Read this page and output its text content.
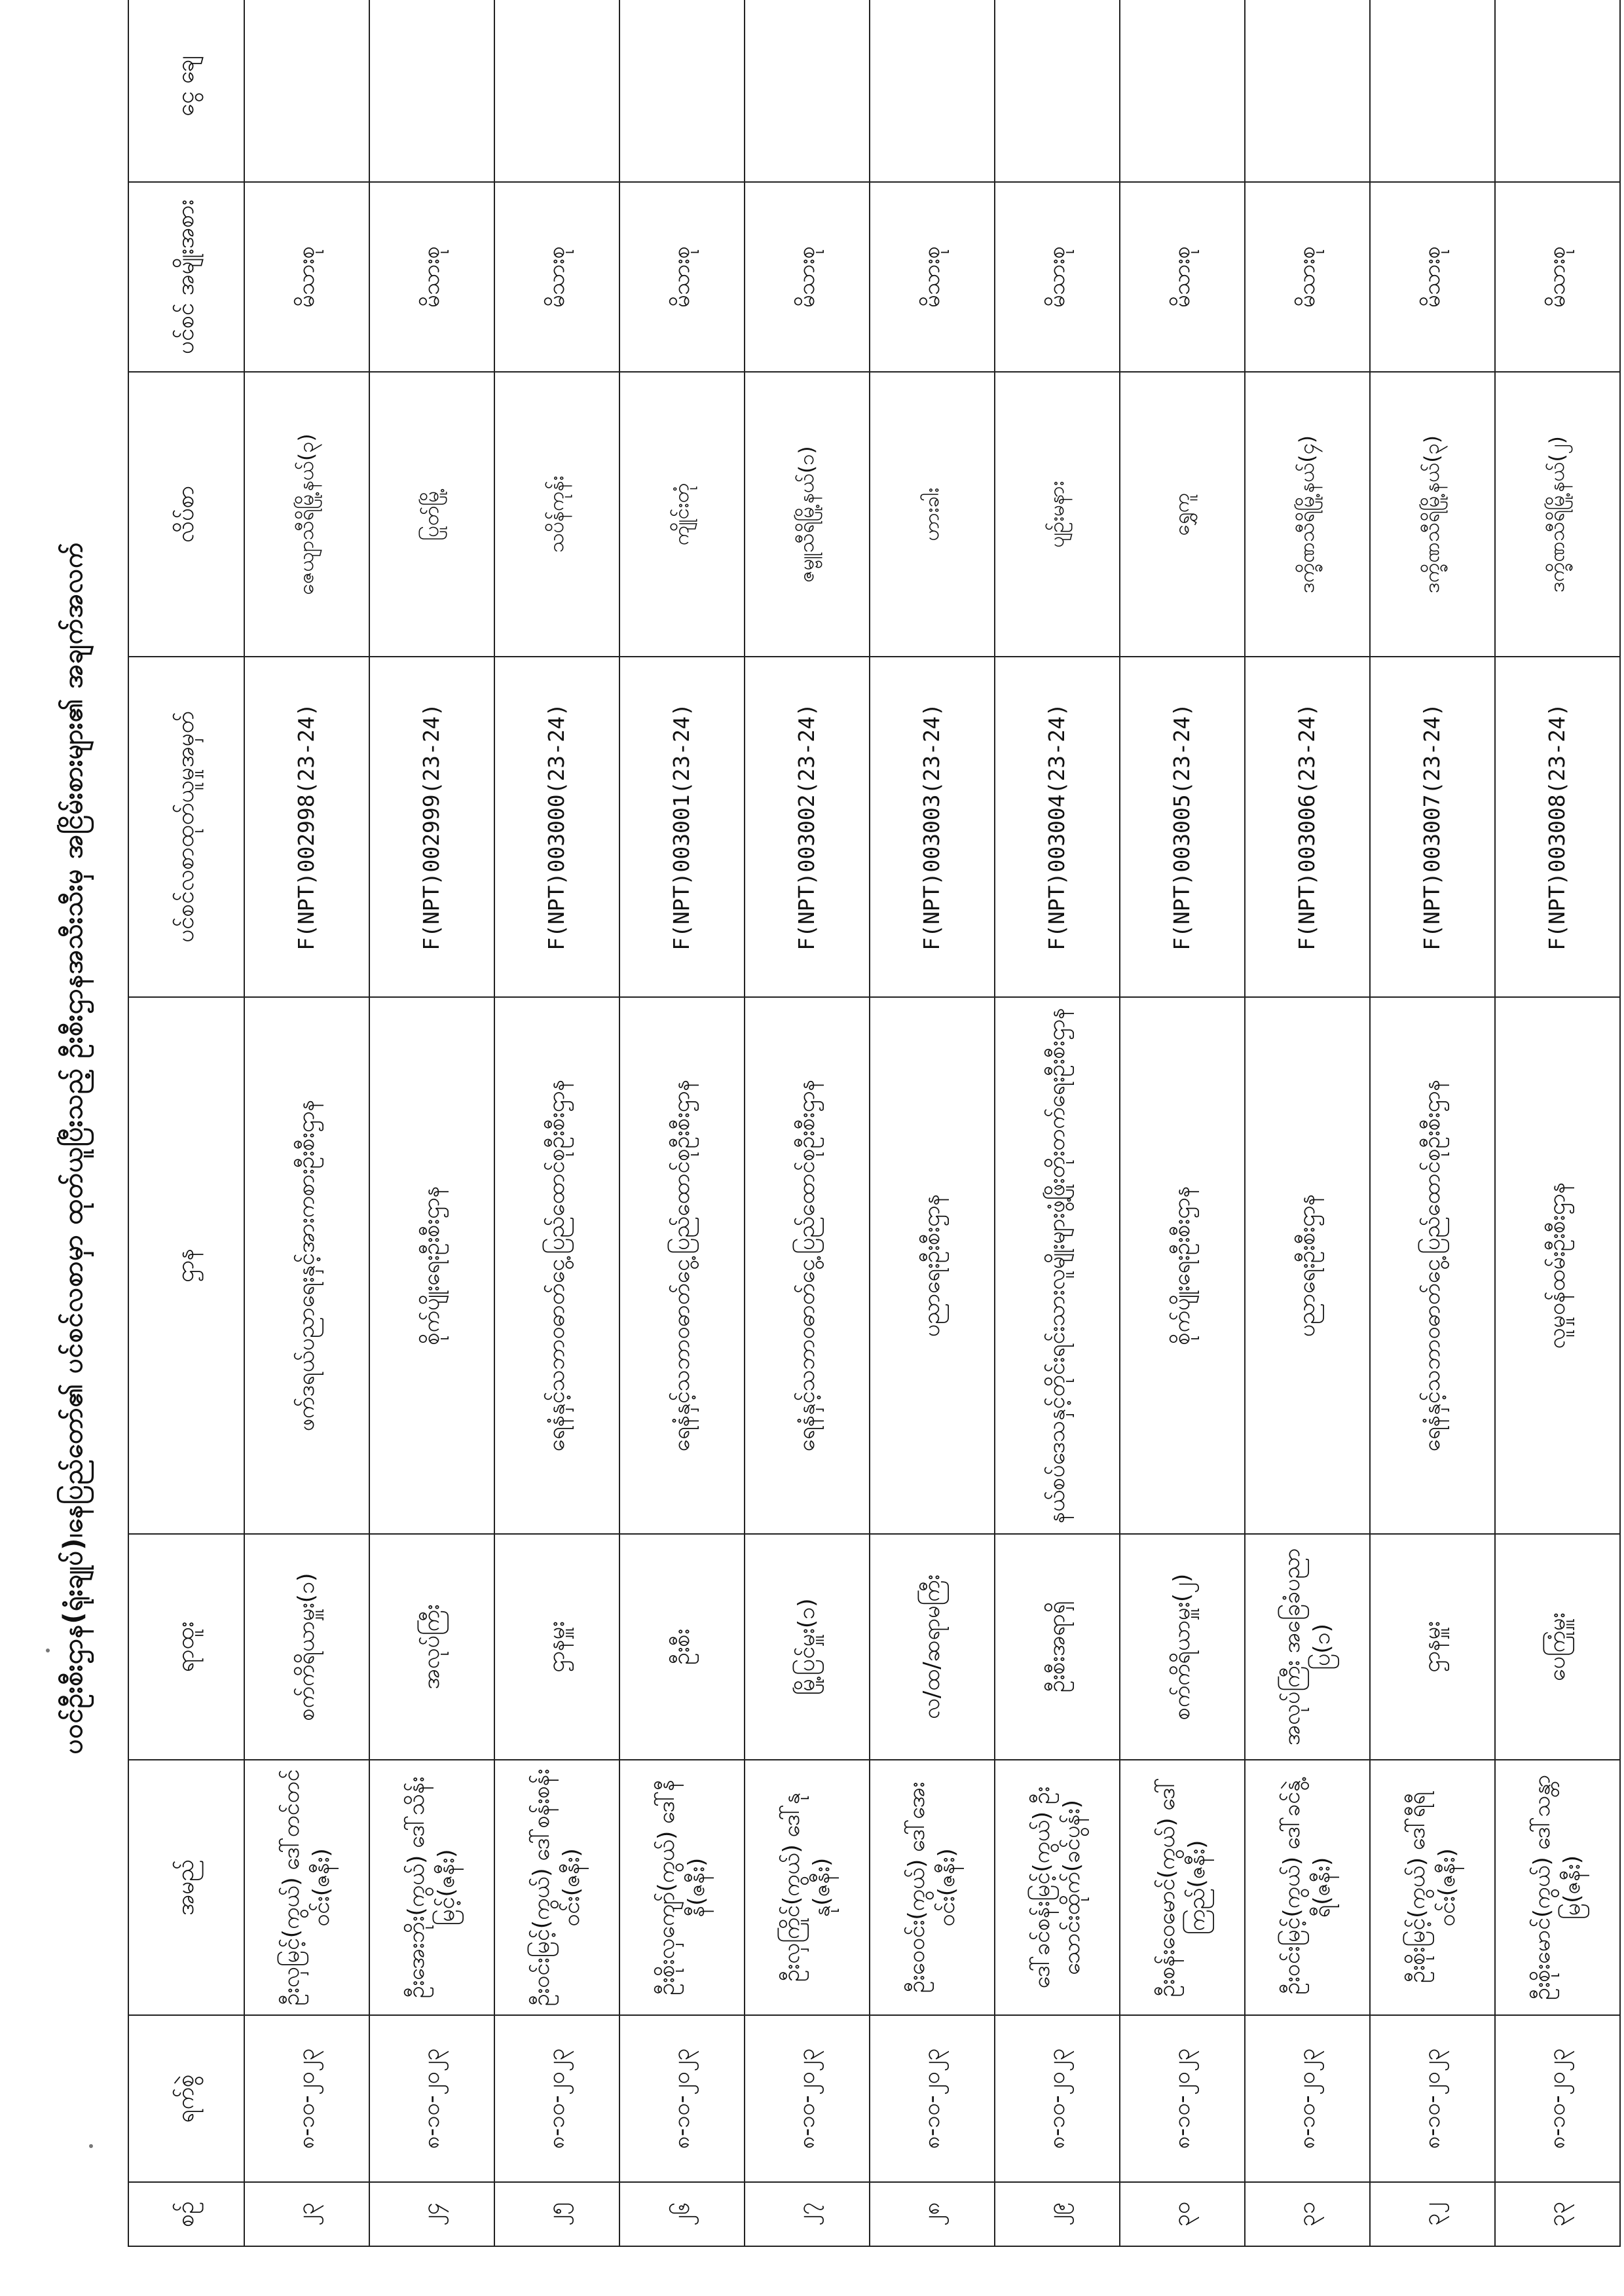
ပဝင်ဦးစီးဌာန(ရုံးချုပ်)၊နေပြည်တော်၏ ပင်စင်လစာမှာ ထုတ်ယူပြီးသည့် ဦးစီးဌာနအသီးသီးမှ အငြိမ်းစားများ၏ အချက်အလက်
စဉ်	ရက်စွဲ	အမည်	ရာထူး	ဌာန	ပင်စင်လစာထုတ်ယူမှုအမှတ်	လိပ်စာ	ပင်စင် အမျိုးအစား	ငွေ ချေ
၂၃	၈-၁၀-၂၀၂၃	ဦးလှမြင့်(ကွယ်) ဒေါ်တင်တင်ဝင်း(ဇနီး)	စက်ကိရိယာမှူး(၁)	ဖက်ဒရယ်ပညာရေးနှင့်အားကစားဦးစီးဌာန	F(NPT)002998(23-24)	ဇေယျာသီရိမြို့နယ်(၃)	မိသားစု	
၂၄	၈-၁၀-၂၀၂၃	ဦးအေးဘိုး(ကွယ်) ဒေါ်သိန်းမြင့်(ဇနီး)	အလုပ်ကြီး	စိုက်ပျိုးရေးဦးစီးဌာန	F(NPT)002999(23-24)	ပြုတ်မြို့	မိသားစု	
၂၅	၈-၁၀-၂၀၂၃	ဦးဝင်းမြင့်(ကွယ်) ဒေါ်စန်းစန်းဝင်း(ဇနီး)	ဌာနမှူး	ရေနံနှင့်သဘာဝဓာတ်ငွေ့ပြည်ထောင်စုဦးစီးဌာန	F(NPT)003000(23-24)	သပိန်ကုန်း	မိသားစု	
၂၆	၈-၁၀-၂၀၂၃	ဦးစိုးလှကျော်(ကွယ်) ဒေါ်နီနီ(ဇနီး)	ဦးစီး	ရေနံနှင့်သဘာဝဓာတ်ငွေ့ပြည်ထောင်စုဦးစီးဌာန	F(NPT)003001(23-24)	ကျိုင်းတုံ	မိသားစု	
၂၇	၈-၁၀-၂၀၂၃	ဦးလှကြိုင်(ကွယ်) ဒေါ်နုနု(ဇနီး)	မြို့ပြင်မှူး(၁)	ရေနံနှင့်သဘာဝဓာတ်ငွေ့ပြည်ထောင်စုဦးစီးဌာန	F(NPT)003002(23-24)	ဇမ္ဗူသီရိမြို့နယ်(၁)	မိသားစု	
၂၈	၈-၁၀-၂၀၂၃	ဦးဝေဝင်း(ကွယ်) ဒေါ်အေးဝင်း(ဇနီး)	လ/ထ/ဆရာမကြီး	ပညာရေးဦးစီးဌာန	F(NPT)003003(23-24)	ဟားခါး	မိသားစု	
၂၉	၈-၁၀-၂၀၂၃	ဒေါ်ခင်စန်းမြင့်(ကွယ်) ဦးသောင်းထိုက်(ခင်ပွန်း)	ဦးစီးအရာရှိ	နယ်စပ်ဒေသနှင့်တိုင်းရင်းသားလူမျိုးများဖွံ့ဖြိုးတိုးတက်ရေးဦးစီးဌာန	F(NPT)003004(23-24)	ပျဉ်းမနား	မိသားစု	
၃၀	၈-၁၀-၂၀၂၃	ဦးစန်းဝေမောင်(ကွယ်) ဒေါ်ကြည်(ဇနီး)	စက်ကိရိယာမှူး(၂)	စိုက်ပျိုးရေးဦးစီးဌာန	F(NPT)003005(23-24)	ရွှေကူ	မိသားစု	
၃၁	၈-၁၀-၂၀၂၃	ဦးဝင်းမြင့်(ကွယ်) ဒေါ်ခင်နွဲ့ရီ(ဇနီး)	အလုပ်ကြီး အခြေခံပညာပြ(၁)	ပညာရေးဦးစီးဌာန	F(NPT)003006(23-24)	ဒက္ခိဏသီရိမြို့နယ်(၄)	မိသားစု	
၃၂	၈-၁၀-၂၀၂၃	ဦးစိုးမြင့်(ကွယ်) ဒေါ်ရီရီဝင်း(ဇနီး)	ဌာနမှူး	ရေနံနှင့်သဘာဝဓာတ်ငွေ့ပြည်ထောင်စုဦးစီးဌာန	F(NPT)003007(23-24)	ဒက္ခိဏသီရိမြို့နယ်(၃)	မိသားစု	
၃၃	၈-၁၀-၂၀၂၃	ဦးစိုးမောင်(ကွယ်) ဒေါ်သန္တာမြ(ဇနီး)	ပေကြုံမှူး	လူမှုဝန်ထမ်းဦးစီးဌာန	F(NPT)003008(23-24)	ဒက္ခိဏသီရိမြို့နယ်(၂)	မိသားစု	
